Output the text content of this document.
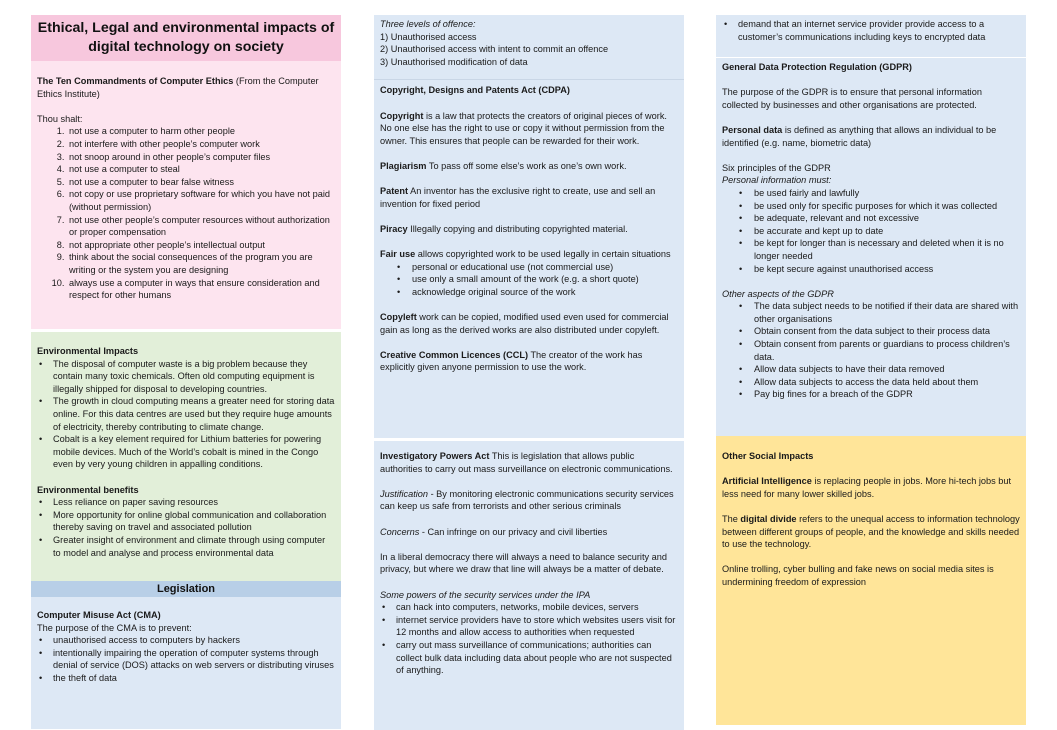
Ethical, Legal and environmental impacts of digital technology on society

The Ten Commandments of Computer Ethics (From the Computer Ethics Institute)

Thou shalt:

1. not use a computer to harm other people
2. not interfere with other people’s computer work
3. not snoop around in other people’s computer files
4. not use a computer to steal
5. not use a computer to bear false witness
6. not copy or use proprietary software for which you have not paid (without permission)
7. not use other people’s computer resources without authorization or proper compensation
8. not appropriate other people’s intellectual output
9. think about the social consequences of the program you are writing or the system you are designing
10. always use a computer in ways that ensure consideration and respect for other humans

Environmental Impacts

• The disposal of computer waste is a big problem because they contain many toxic chemicals. Often old computing equipment is illegally shipped for disposal to developing countries.
• The growth in cloud computing means a greater need for storing data online. For this data centres are used but they require huge amounts of electricity, thereby contributing to climate change.
• Cobalt is a key element required for Lithium batteries for powering mobile devices. Much of the World’s cobalt is mined in the Congo even by very young children in appalling conditions.

Environmental benefits

• Less reliance on paper saving resources
• More opportunity for online global communication and collaboration thereby saving on travel and associated pollution
• Greater insight of environment and climate through using computer to model and analyse and process environmental data
Legislation

Computer Misuse Act (CMA)

The purpose of the CMA is to prevent:

• unauthorised access to computers by hackers
• intentionally impairing the operation of computer systems through denial of service (DOS) attacks on web servers or distributing viruses
• the theft of data

Three levels of offence:

1) Unauthorised access

2) Unauthorised access with intent to commit an offence

3) Unauthorised modification of data

Copyright, Designs and Patents Act (CDPA)

Copyright is a law that protects the creators of original pieces of work. No one else has the right to use or copy it without permission from the owner. This ensures that people can be rewarded for their work.

Plagiarism To pass off some else’s work as one’s own work.

Patent An inventor has the exclusive right to create, use and sell an invention for fixed period

Piracy Illegally copying and distributing copyrighted material.

Fair use allows copyrighted work to be used legally in certain situations

• personal or educational use (not commercial use)
• use only a small amount of the work (e.g. a short quote)
• acknowledge original source of the work

Copyleft work can be copied, modified used even used for commercial gain as long as the derived works are also distributed under copyleft.

Creative Common Licences (CCL) The creator of the work has explicitly given anyone permission to use the work.

Investigatory Powers Act This is legislation that allows public authorities to carry out mass surveillance on electronic communications.

Justification - By monitoring electronic communications security services can keep us safe from terrorists and other serious criminals

Concerns - Can infringe on our privacy and civil liberties

In a liberal democracy there will always a need to balance security and privacy, but where we draw that line will always be a matter of debate.

Some powers of the security services under the IPA

• can hack into computers, networks, mobile devices, servers
• internet service providers have to store which websites users visit for 12 months and allow access to authorities when requested
• carry out mass surveillance of communications; authorities can collect bulk data including data about people who are not suspected of anything.
• demand that an internet service provider provide access to a customer’s communications including keys to encrypted data

General Data Protection Regulation (GDPR)

The purpose of the GDPR is to ensure that personal information collected by businesses and other organisations are protected.

Personal data is defined as anything that allows an individual to be identified (e.g. name, biometric data)

Six principles of the GDPR

Personal information must:

• be used fairly and lawfully
• be used only for specific purposes for which it was collected
• be adequate, relevant and not excessive
• be accurate and kept up to date
• be kept for longer than is necessary and deleted when it is no longer needed
• be kept secure against unauthorised access

Other aspects of the GDPR

• The data subject needs to be notified if their data are shared with other organisations
• Obtain consent from the data subject to their process data
• Obtain consent from parents or guardians to process children’s data.
• Allow data subjects to have their data removed
• Allow data subjects to access the data held about them
• Pay big fines for a breach of the GDPR

Other Social Impacts

Artificial Intelligence is replacing people in jobs. More hi-tech jobs but less need for many lower skilled jobs.

The digital divide refers to the unequal access to information technology between different groups of people, and the knowledge and skills needed to use the technology.

Online trolling, cyber bulling and fake news on social media sites is undermining freedom of expression
